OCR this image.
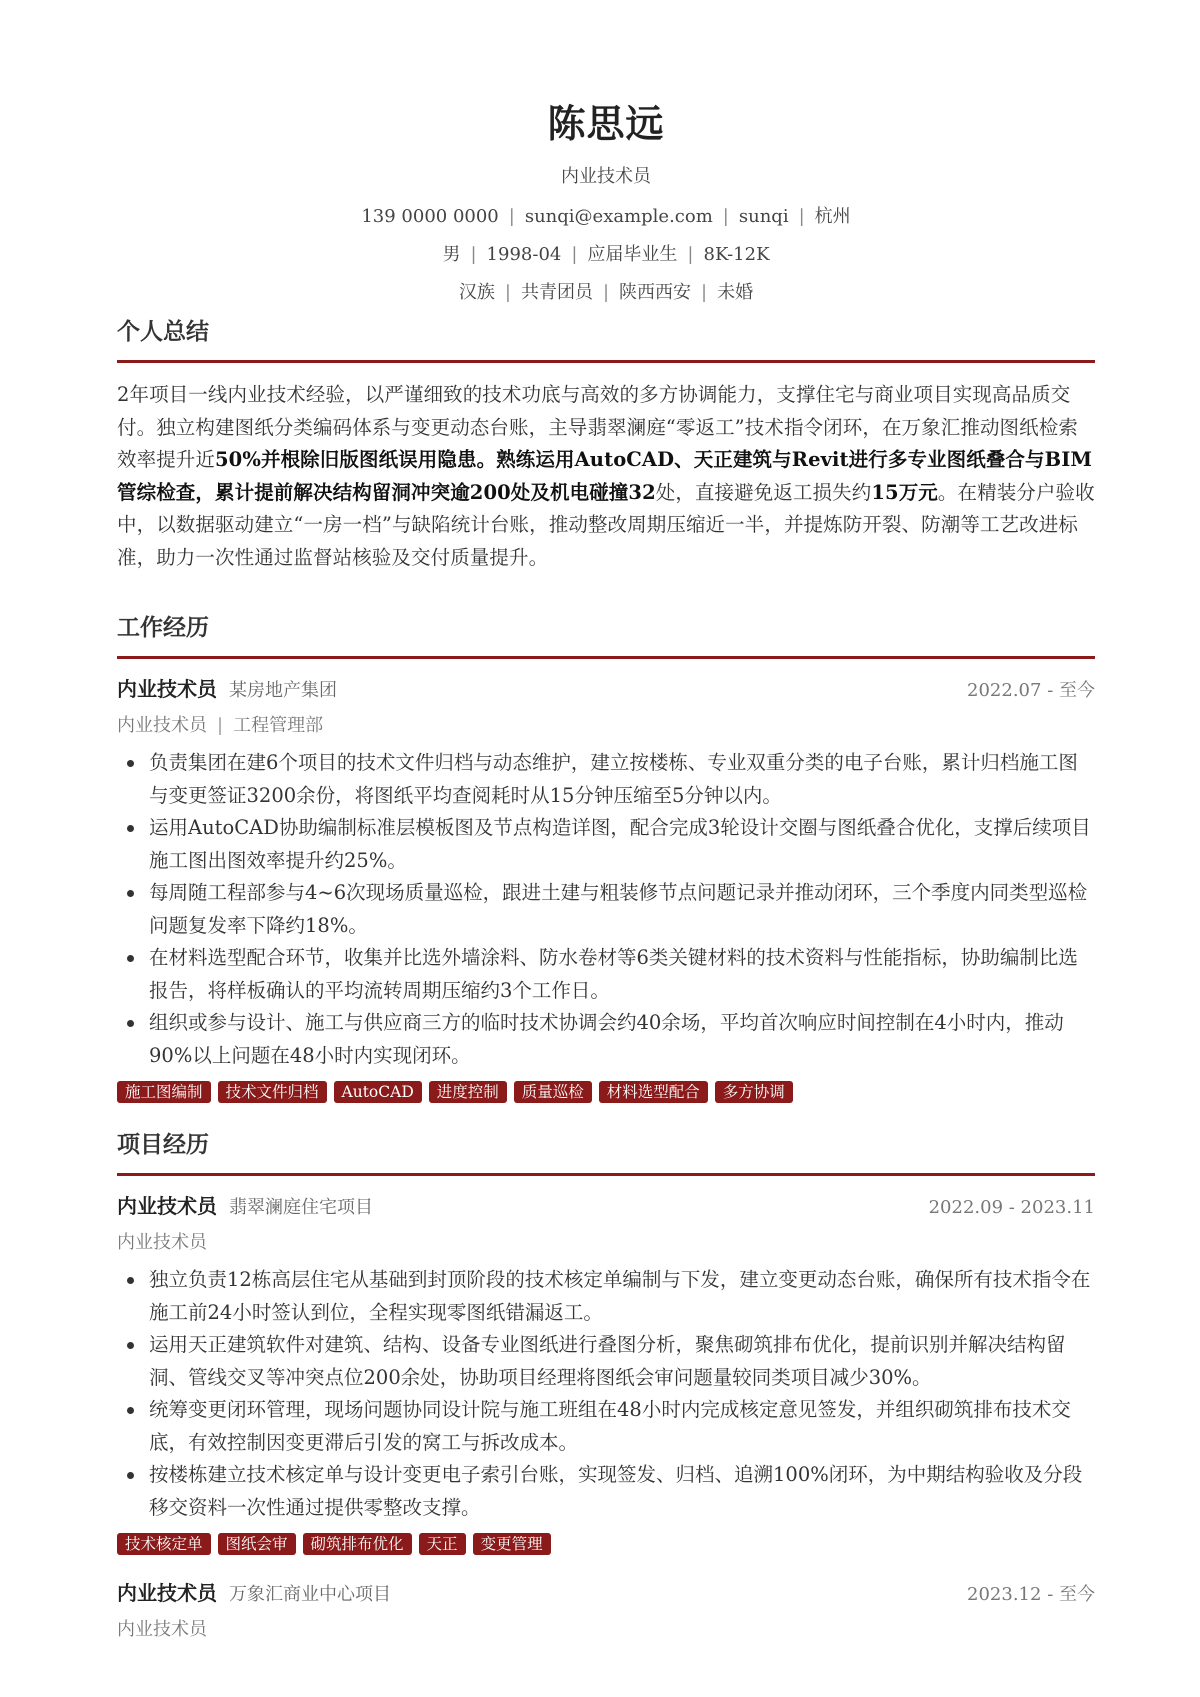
陈思远
内业技术员
139 0000 0000 | sunqi@example.com | sunqi | 杭州
男 | 1998-04 | 应届毕业生 | 8K-12K
汉族 | 共青团员 | 陕西西安 | 未婚
个人总结

2年项目一线内业技术经验，以严谨细致的技术功底与高效的多方协调能力，支撑住宅与商业项目实现高品质交付。独立构建图纸分类编码体系与变更动态台账，主导翡翠澜庭“零返工”技术指令闭环，在万象汇推动图纸检索效率提升近50%并根除旧版图纸误用隐患。熟练运用AutoCAD、天正建筑与Revit进行多专业图纸叠合与BIM管综检查，累计提前解决结构留洞冲突逾200处及机电碰撞32处，直接避免返工损失约15万元。在精装分户验收中，以数据驱动建立“一房一档”与缺陷统计台账，推动整改周期压缩近一半，并提炼防开裂、防潮等工艺改进标准，助力一次性通过监督站核验及交付质量提升。

工作经历
内业技术员 某房地产集团	2022.07 - 至今
内业技术员 | 工程管理部
负责集团在建6个项目的技术文件归档与动态维护，建立按楼栋、专业双重分类的电子台账，累计归档施工图与变更签证3200余份，将图纸平均查阅耗时从15分钟压缩至5分钟以内。
运用AutoCAD协助编制标准层模板图及节点构造详图，配合完成3轮设计交圈与图纸叠合优化，支撑后续项目施工图出图效率提升约25%。
每周随工程部参与4~6次现场质量巡检，跟进土建与粗装修节点问题记录并推动闭环，三个季度内同类型巡检问题复发率下降约18%。
在材料选型配合环节，收集并比选外墙涂料、防水卷材等6类关键材料的技术资料与性能指标，协助编制比选报告，将样板确认的平均流转周期压缩约3个工作日。
组织或参与设计、施工与供应商三方的临时技术协调会约40余场，平均首次响应时间控制在4小时内，推动90%以上问题在48小时内实现闭环。
施工图编制	技术文件归档	AutoCAD	进度控制	质量巡检	材料选型配合	多方协调
项目经历
内业技术员 翡翠澜庭住宅项目	2022.09 - 2023.11
内业技术员
独立负责12栋高层住宅从基础到封顶阶段的技术核定单编制与下发，建立变更动态台账，确保所有技术指令在施工前24小时签认到位，全程实现零图纸错漏返工。
运用天正建筑软件对建筑、结构、设备专业图纸进行叠图分析，聚焦砌筑排布优化，提前识别并解决结构留洞、管线交叉等冲突点位200余处，协助项目经理将图纸会审问题量较同类项目减少30%。
统筹变更闭环管理，现场问题协同设计院与施工班组在48小时内完成核定意见签发，并组织砌筑排布技术交底，有效控制因变更滞后引发的窝工与拆改成本。
按楼栋建立技术核定单与设计变更电子索引台账，实现签发、归档、追溯100%闭环，为中期结构验收及分段移交资料一次性通过提供零整改支撑。
技术核定单	图纸会审	砌筑排布优化	天正	变更管理
内业技术员 万象汇商业中心项目	2023.12 - 至今
内业技术员
